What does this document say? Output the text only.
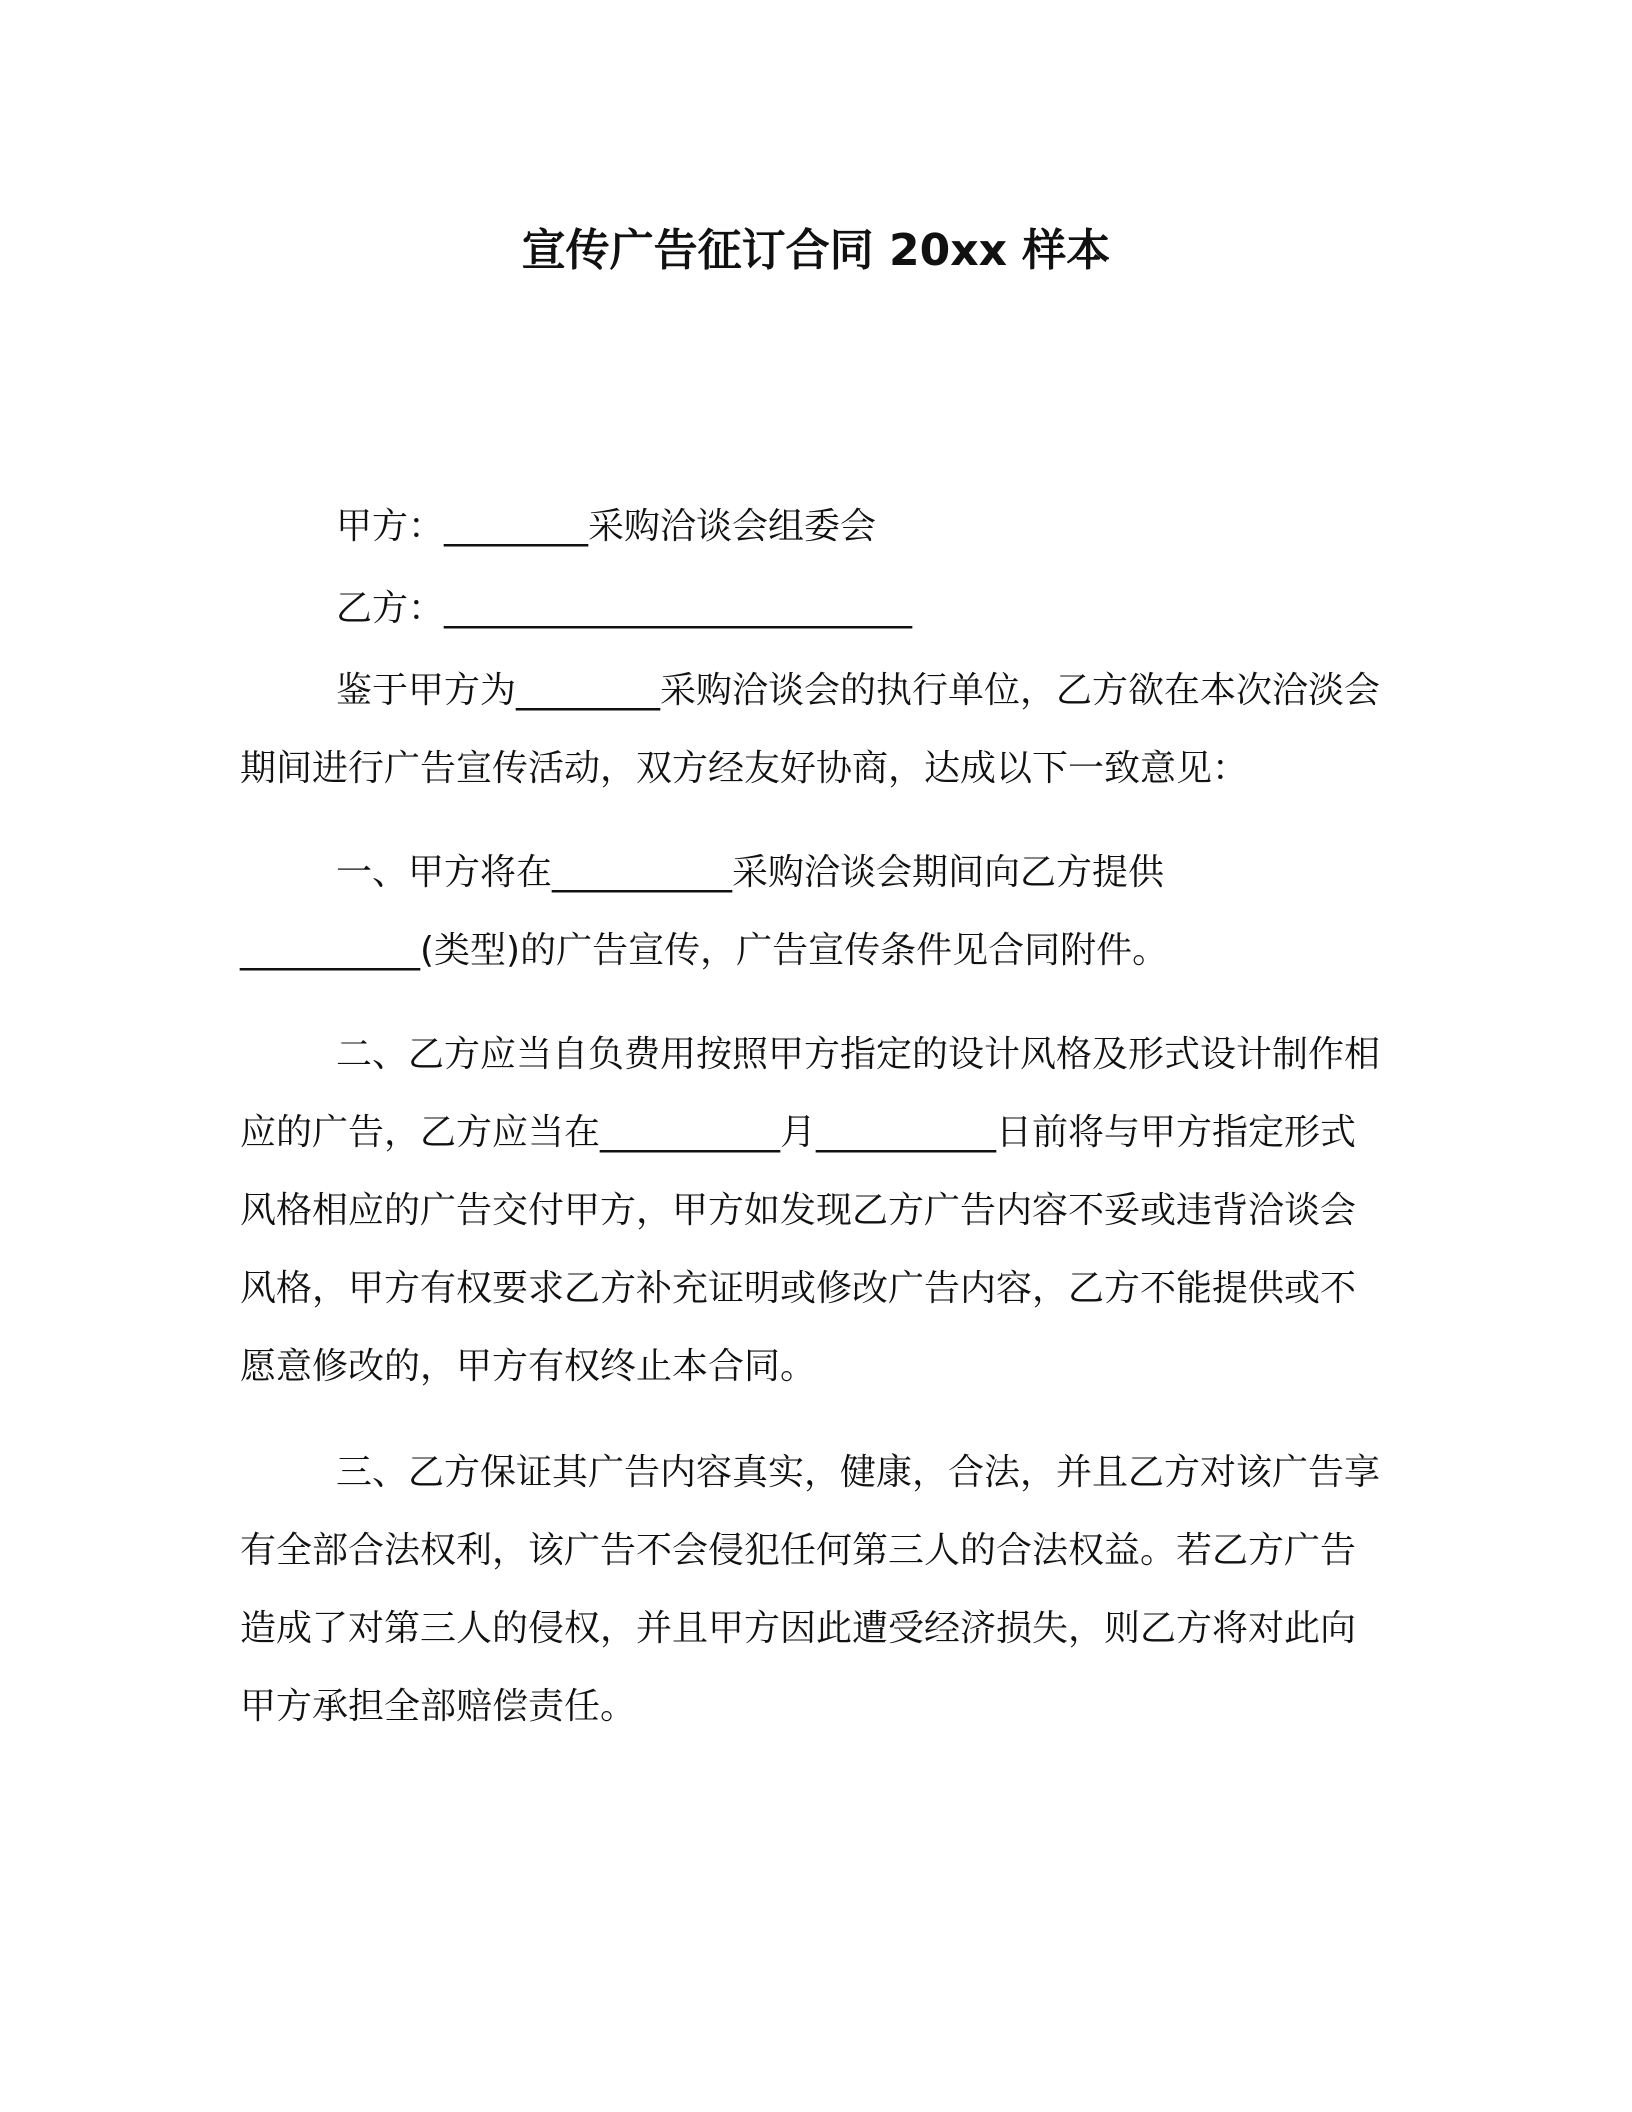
宣传广告征订合同 20xx 样本

甲方：________采购洽谈会组委会

乙方：__________________________

鉴于甲方为________采购洽谈会的执行单位，乙方欲在本次洽淡会期间进行广告宣传活动，双方经友好协商，达成以下一致意见：

一、甲方将在__________采购洽谈会期间向乙方提供__________(类型)的广告宣传，广告宣传条件见合同附件。

二、乙方应当自负费用按照甲方指定的设计风格及形式设计制作相应的广告，乙方应当在__________月__________日前将与甲方指定形式风格相应的广告交付甲方，甲方如发现乙方广告内容不妥或违背洽谈会风格，甲方有权要求乙方补充证明或修改广告内容，乙方不能提供或不愿意修改的，甲方有权终止本合同。

三、乙方保证其广告内容真实，健康，合法，并且乙方对该广告享有全部合法权利，该广告不会侵犯任何第三人的合法权益。若乙方广告造成了对第三人的侵权，并且甲方因此遭受经济损失，则乙方将对此向甲方承担全部赔偿责任。
